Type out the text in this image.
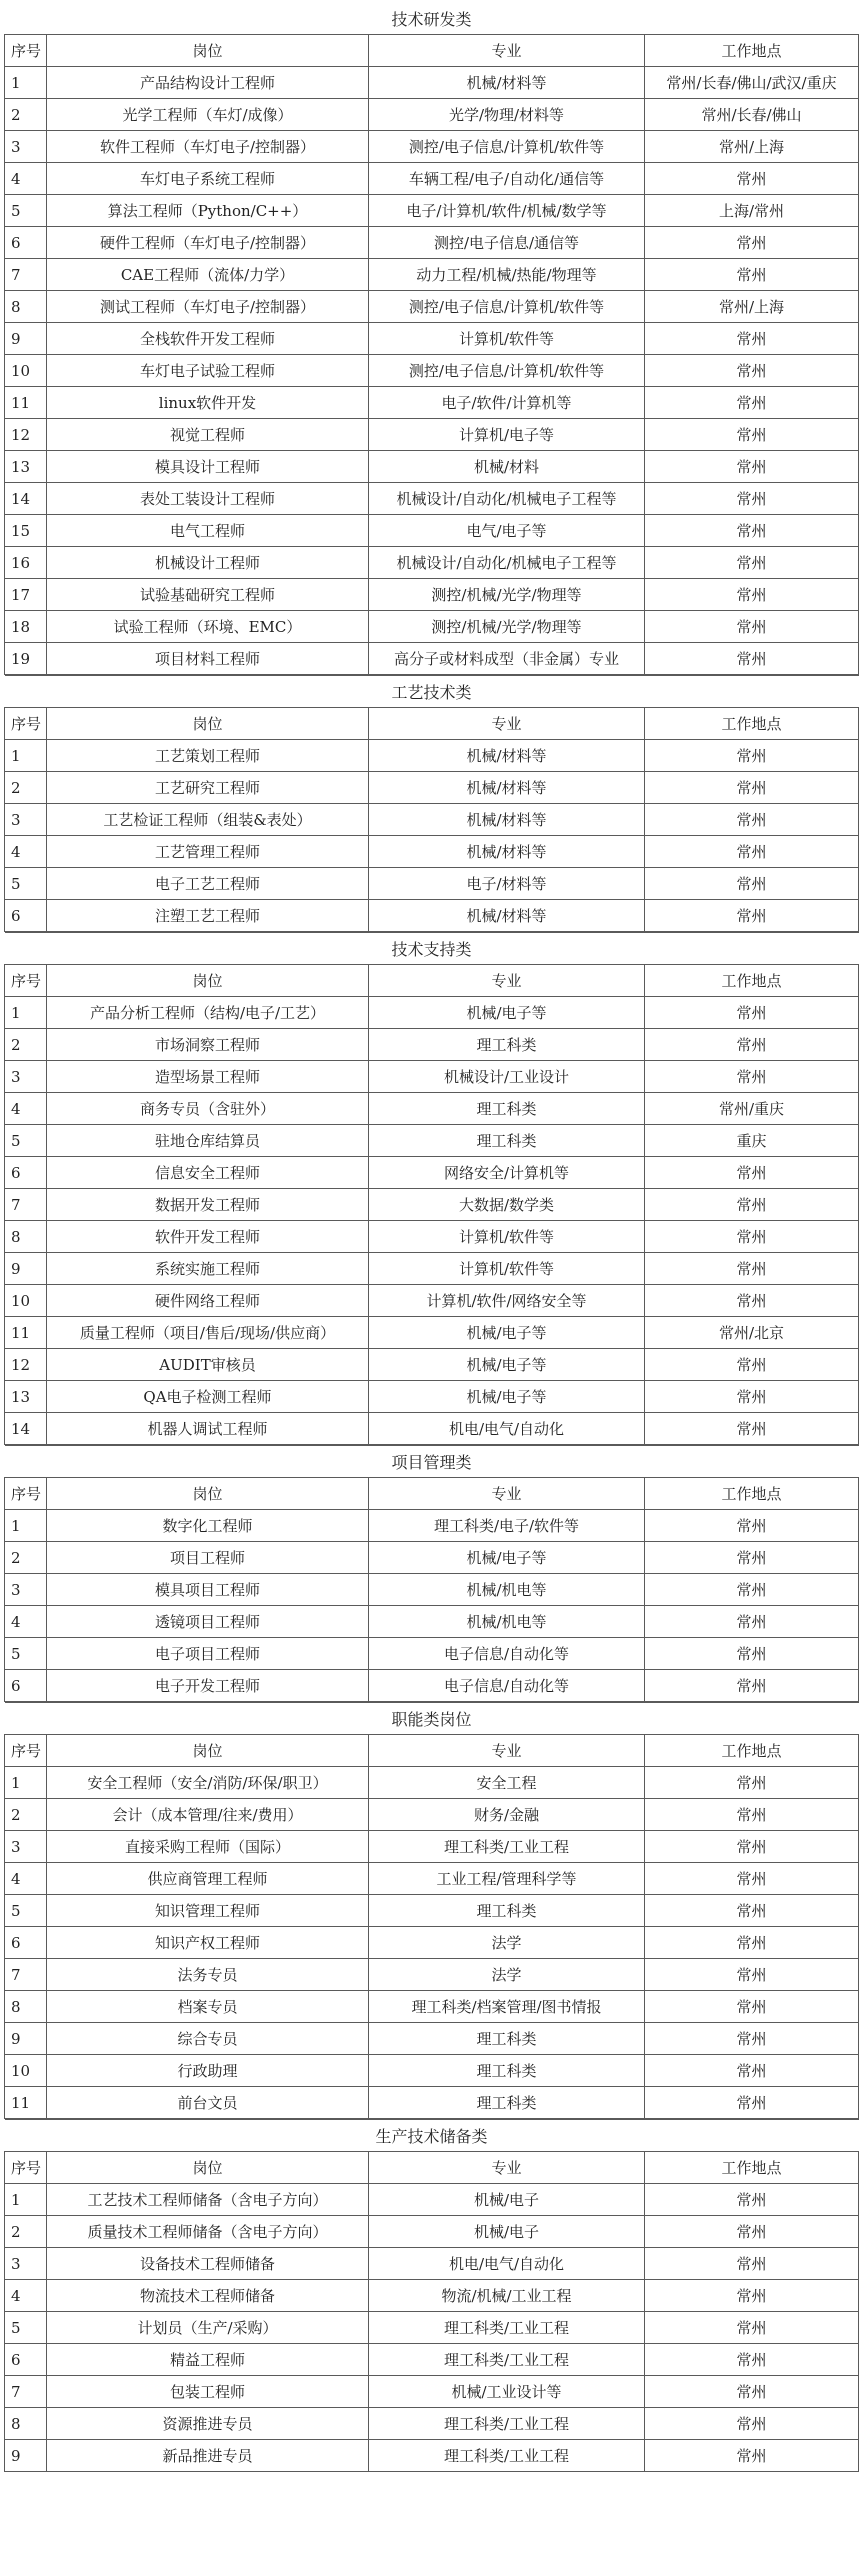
技术研发类			
序号	岗位	专业	工作地点
1	产品结构设计工程师	机械/材料等	常州/长春/佛山/武汉/重庆
2	光学工程师（车灯/成像）	光学/物理/材料等	常州/长春/佛山
3	软件工程师（车灯电子/控制器）	测控/电子信息/计算机/软件等	常州/上海
4	车灯电子系统工程师	车辆工程/电子/自动化/通信等	常州
5	算法工程师（Python/C++）	电子/计算机/软件/机械/数学等	上海/常州
6	硬件工程师（车灯电子/控制器）	测控/电子信息/通信等	常州
7	CAE工程师（流体/力学）	动力工程/机械/热能/物理等	常州
8	测试工程师（车灯电子/控制器）	测控/电子信息/计算机/软件等	常州/上海
9	全栈软件开发工程师	计算机/软件等	常州
10	车灯电子试验工程师	测控/电子信息/计算机/软件等	常州
11	linux软件开发	电子/软件/计算机等	常州
12	视觉工程师	计算机/电子等	常州
13	模具设计工程师	机械/材料	常州
14	表处工装设计工程师	机械设计/自动化/机械电子工程等	常州
15	电气工程师	电气/电子等	常州
16	机械设计工程师	机械设计/自动化/机械电子工程等	常州
17	试验基础研究工程师	测控/机械/光学/物理等	常州
18	试验工程师（环境、EMC）	测控/机械/光学/物理等	常州
19	项目材料工程师	高分子或材料成型（非金属）专业	常州
工艺技术类			
序号	岗位	专业	工作地点
1	工艺策划工程师	机械/材料等	常州
2	工艺研究工程师	机械/材料等	常州
3	工艺检证工程师（组装&表处）	机械/材料等	常州
4	工艺管理工程师	机械/材料等	常州
5	电子工艺工程师	电子/材料等	常州
6	注塑工艺工程师	机械/材料等	常州
技术支持类			
序号	岗位	专业	工作地点
1	产品分析工程师（结构/电子/工艺）	机械/电子等	常州
2	市场洞察工程师	理工科类	常州
3	造型场景工程师	机械设计/工业设计	常州
4	商务专员（含驻外）	理工科类	常州/重庆
5	驻地仓库结算员	理工科类	重庆
6	信息安全工程师	网络安全/计算机等	常州
7	数据开发工程师	大数据/数学类	常州
8	软件开发工程师	计算机/软件等	常州
9	系统实施工程师	计算机/软件等	常州
10	硬件网络工程师	计算机/软件/网络安全等	常州
11	质量工程师（项目/售后/现场/供应商）	机械/电子等	常州/北京
12	AUDIT审核员	机械/电子等	常州
13	QA电子检测工程师	机械/电子等	常州
14	机器人调试工程师	机电/电气/自动化	常州
项目管理类			
序号	岗位	专业	工作地点
1	数字化工程师	理工科类/电子/软件等	常州
2	项目工程师	机械/电子等	常州
3	模具项目工程师	机械/机电等	常州
4	透镜项目工程师	机械/机电等	常州
5	电子项目工程师	电子信息/自动化等	常州
6	电子开发工程师	电子信息/自动化等	常州
职能类岗位			
序号	岗位	专业	工作地点
1	安全工程师（安全/消防/环保/职卫）	安全工程	常州
2	会计（成本管理/往来/费用）	财务/金融	常州
3	直接采购工程师（国际）	理工科类/工业工程	常州
4	供应商管理工程师	工业工程/管理科学等	常州
5	知识管理工程师	理工科类	常州
6	知识产权工程师	法学	常州
7	法务专员	法学	常州
8	档案专员	理工科类/档案管理/图书情报	常州
9	综合专员	理工科类	常州
10	行政助理	理工科类	常州
11	前台文员	理工科类	常州
生产技术储备类			
序号	岗位	专业	工作地点
1	工艺技术工程师储备（含电子方向）	机械/电子	常州
2	质量技术工程师储备（含电子方向）	机械/电子	常州
3	设备技术工程师储备	机电/电气/自动化	常州
4	物流技术工程师储备	物流/机械/工业工程	常州
5	计划员（生产/采购）	理工科类/工业工程	常州
6	精益工程师	理工科类/工业工程	常州
7	包装工程师	机械/工业设计等	常州
8	资源推进专员	理工科类/工业工程	常州
9	新品推进专员	理工科类/工业工程	常州
